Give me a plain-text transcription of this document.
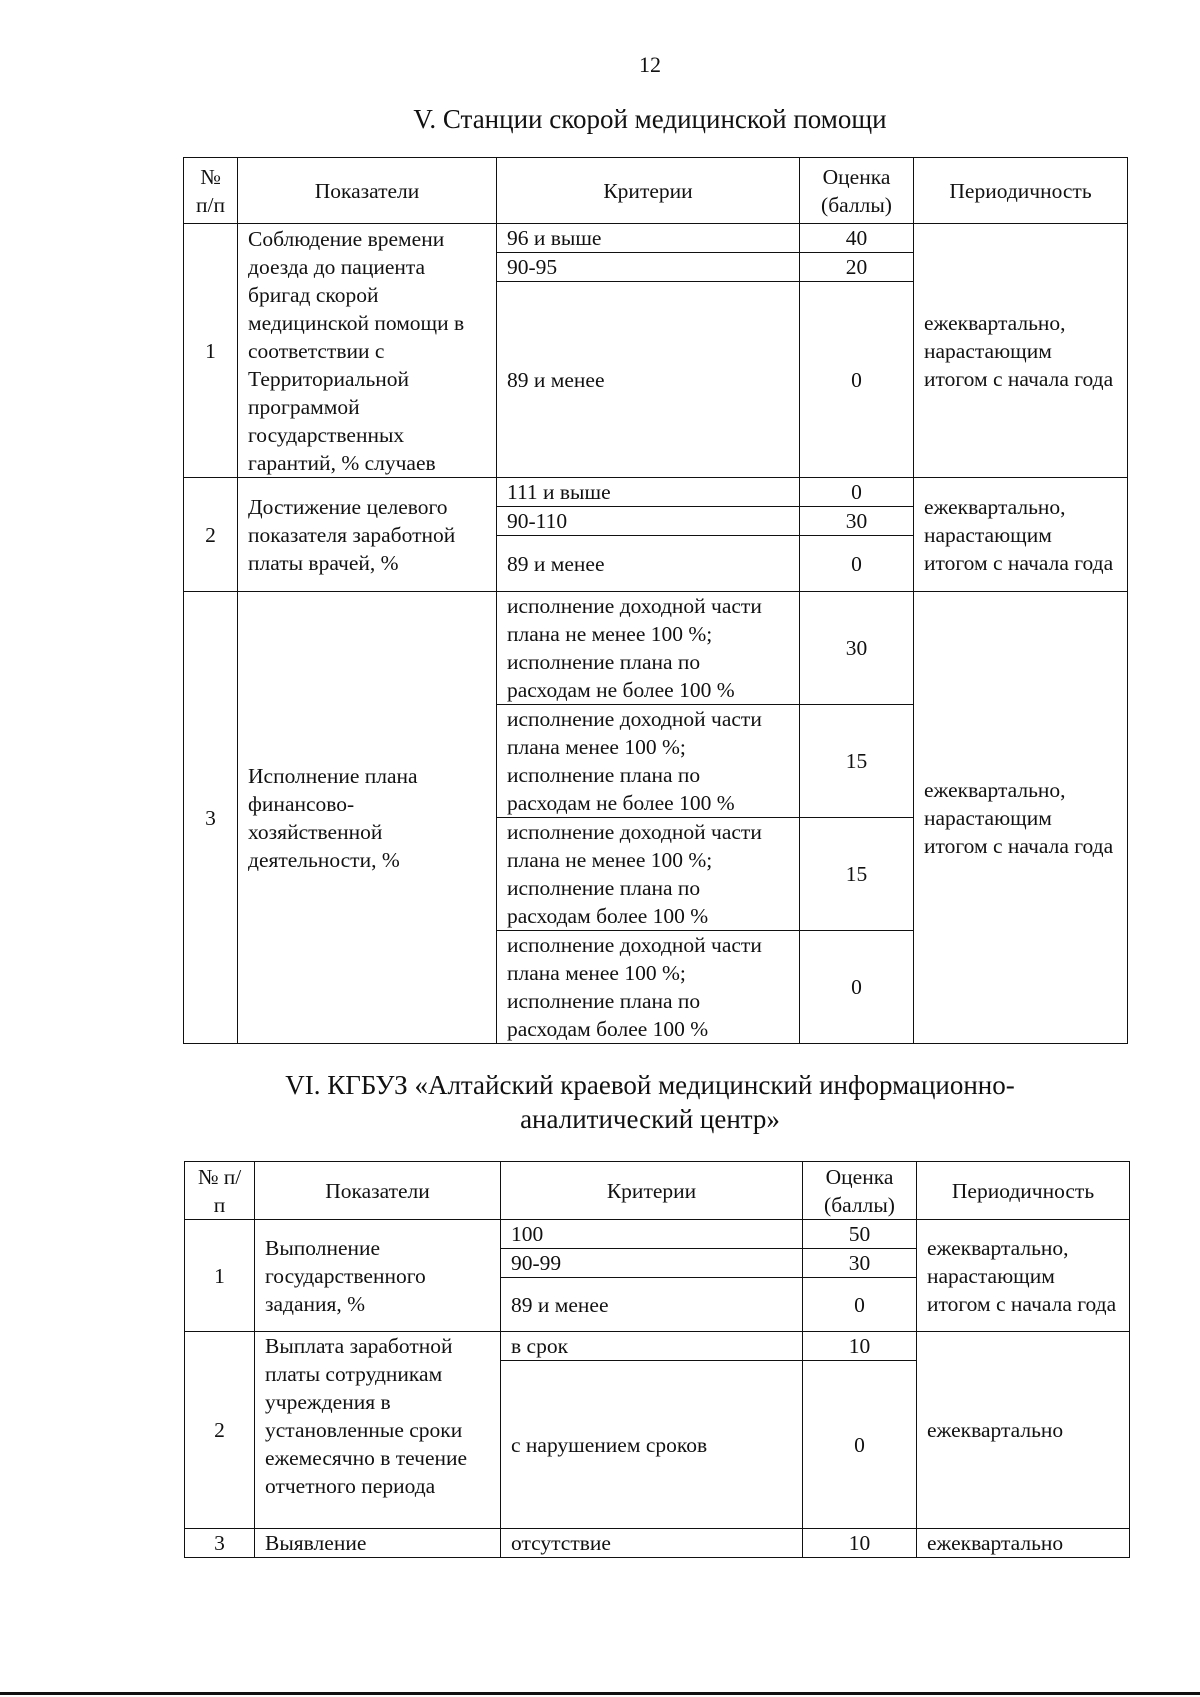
12
V. Станции скорой медицинской помощи
№ п/п	Показатели	Критерии	Оценка (баллы)	Периодичность
1	Соблюдение времени доезда до пациента бригад скорой медицинской помощи в соответствии с Территориальной программой государственных гарантий, % случаев	96 и выше	40	ежеквартально, нарастающим итогом с начала года
		90-95	20	
		89 и менее	0	
2	Достижение целевого показателя заработной платы врачей, %	111 и выше	0	ежеквартально, нарастающим итогом с начала года
		90-110	30	
		89 и менее	0	
3	Исполнение плана финансово-хозяйственной деятельности, %	исполнение доходной части плана не менее 100 %; исполнение плана по расходам не более 100 %	30	ежеквартально, нарастающим итогом с начала года
		исполнение доходной части плана менее 100 %; исполнение плана по расходам не более 100 %	15	
		исполнение доходной части плана не менее 100 %; исполнение плана по расходам более 100 %	15	
		исполнение доходной части плана менее 100 %; исполнение плана по расходам более 100 %	0	
VI. КГБУЗ «Алтайский краевой медицинский информационно-
аналитический центр»
№ п/п	Показатели	Критерии	Оценка (баллы)	Периодичность
1	Выполнение государственного задания, %	100	50	ежеквартально, нарастающим итогом с начала года
		90-99	30	
		89 и менее	0	
2	Выплата заработной платы сотрудникам учреждения в установленные сроки ежемесячно в течение отчетного периода	в срок	10	ежеквартально
		с нарушением сроков	0	
3	Выявление	отсутствие	10	ежеквартально
